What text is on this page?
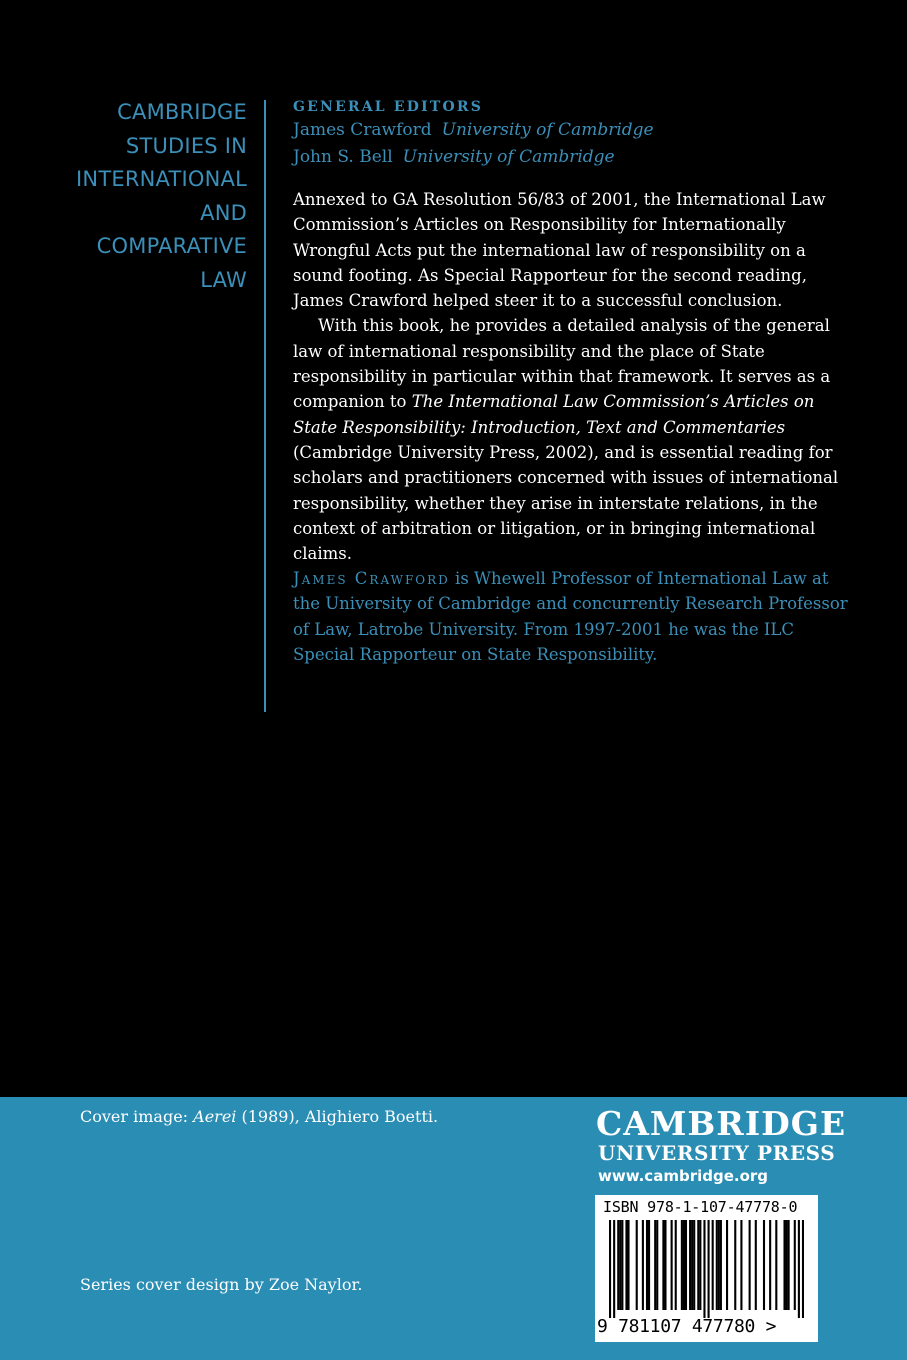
CAMBRIDGE
STUDIES IN
INTERNATIONAL
AND
COMPARATIVE
LAW
GENERAL EDITORS
James Crawford University of Cambridge
John S. Bell University of Cambridge

Annexed to GA Resolution 56/83 of 2001, the International Law Commission’s Articles on Responsibility for Internationally Wrongful Acts put the international law of responsibility on a sound footing. As Special Rapporteur for the second reading, James Crawford helped steer it to a successful conclusion.

With this book, he provides a detailed analysis of the general law of international responsibility and the place of State responsibility in particular within that framework. It serves as a companion to The International Law Commission’s Articles on State Responsibility: Introduction, Text and Commentaries (Cambridge University Press, 2002), and is essential reading for scholars and practitioners concerned with issues of international responsibility, whether they arise in interstate relations, in the context of arbitration or litigation, or in bringing international claims.

James Crawford is Whewell Professor of International Law at the University of Cambridge and concurrently Research Professor of Law, Latrobe University. From 1997-2001 he was the ILC Special Rapporteur on State Responsibility.
Cover image: Aerei (1989), Alighiero Boetti.
Series cover design by Zoe Naylor.
CAMBRIDGE
UNIVERSITY PRESS
www.cambridge.org
ISBN 978-1-107-47778-0
9 781107 477780 >
